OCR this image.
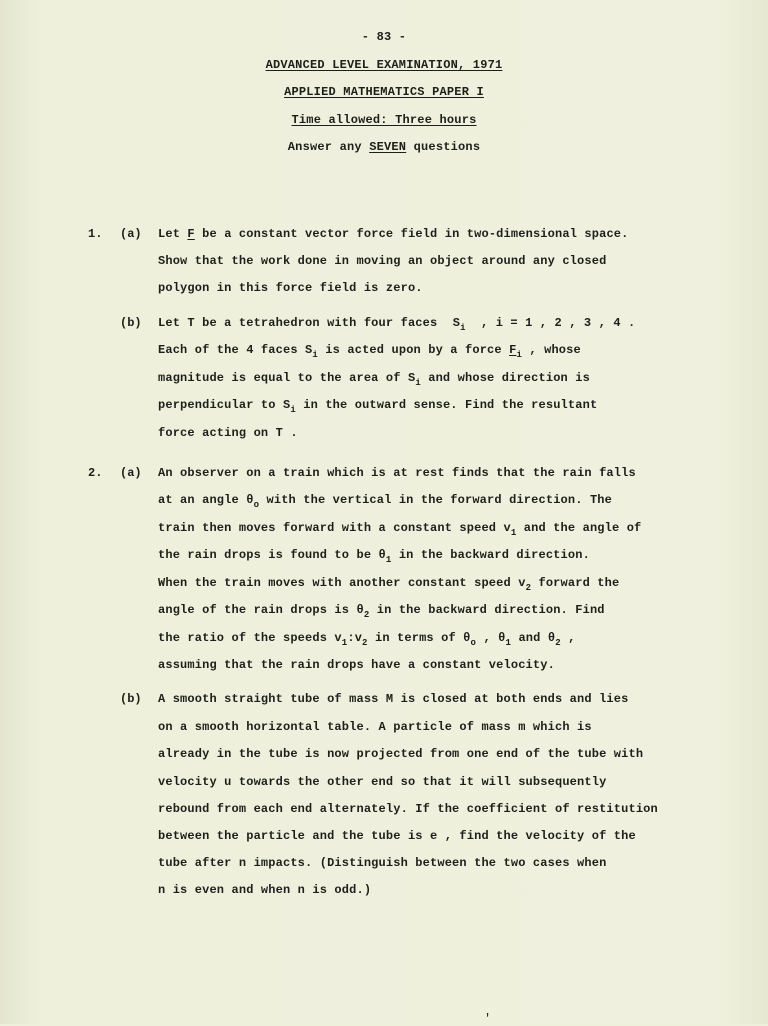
- 83 -
ADVANCED LEVEL EXAMINATION, 1971
APPLIED MATHEMATICS PAPER I
Time allowed: Three hours
Answer any SEVEN questions
1. (a) Let F be a constant vector force field in two-dimensional space.
Show that the work done in moving an object around any closed
polygon in this force field is zero.
(b) Let T be a tetrahedron with four faces $S_i$ , i = 1 , 2 , 3 , 4 .
Each of the 4 faces $S_i$ is acted upon by a force $F_i$ , whose
magnitude is equal to the area of $S_i$ and whose direction is
perpendicular to $S_i$ in the outward sense. Find the resultant
force acting on T .
2. (a) An observer on a train which is at rest finds that the rain falls
at an angle $\theta_o$ with the vertical in the forward direction. The
train then moves forward with a constant speed $v_1$ and the angle of
the rain drops is found to be $\theta_1$ in the backward direction.
When the train moves with another constant speed $v_2$ forward the
angle of the rain drops is $\theta_2$ in the backward direction. Find
the ratio of the speeds $v_1:v_2$ in terms of $\theta_o$ , $\theta_1$ and $\theta_2$ ,
assuming that the rain drops have a constant velocity.
(b) A smooth straight tube of mass M is closed at both ends and lies
on a smooth horizontal table. A particle of mass m which is
already in the tube is now projected from one end of the tube with
velocity u towards the other end so that it will subsequently
rebound from each end alternately. If the coefficient of restitution
between the particle and the tube is e , find the velocity of the
tube after n impacts. (Distinguish between the two cases when
n is even and when n is odd.)
'
